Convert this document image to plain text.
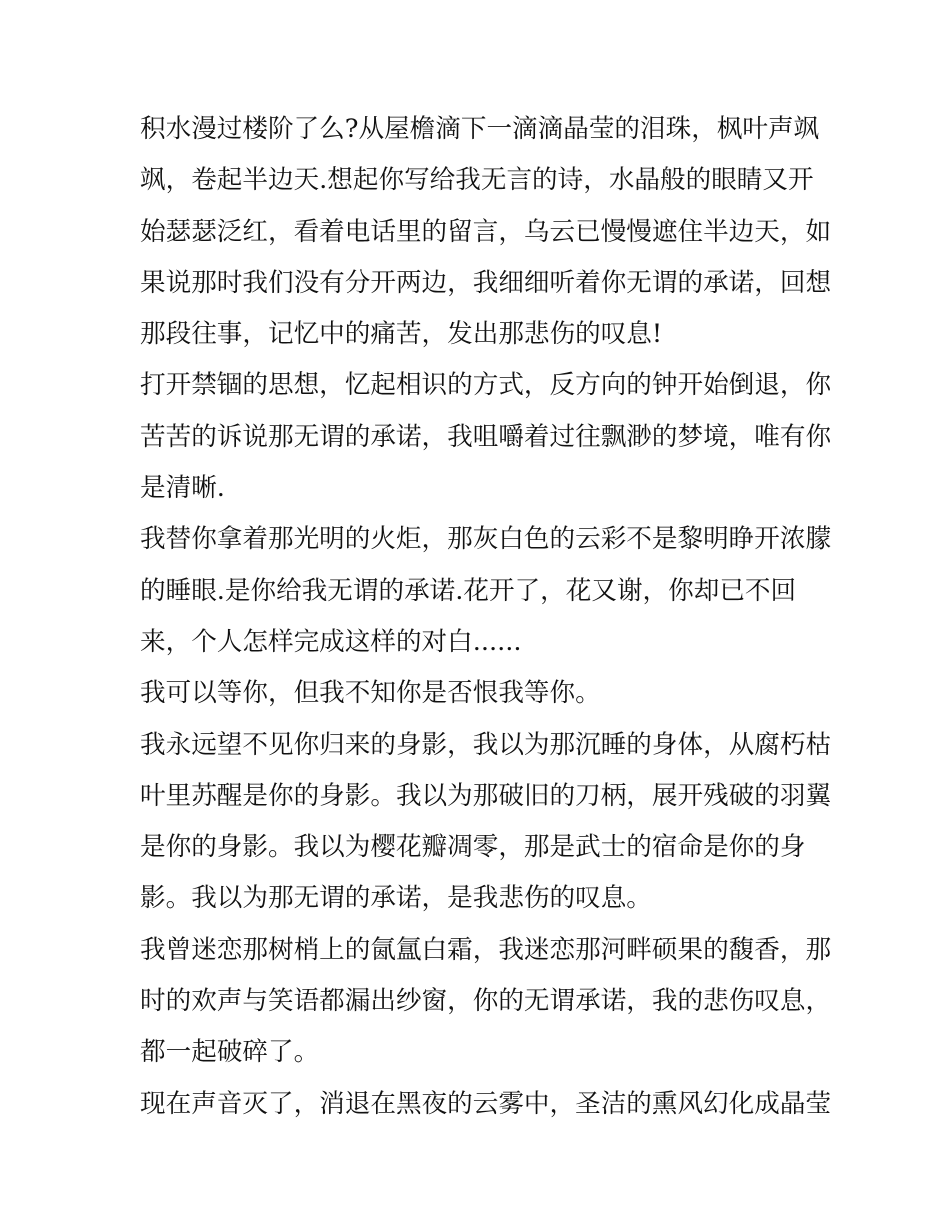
积水漫过楼阶了么?从屋檐滴下一滴滴晶莹的泪珠，枫叶声飒
飒，卷起半边天.想起你写给我无言的诗，水晶般的眼睛又开
始瑟瑟泛红，看着电话里的留言，乌云已慢慢遮住半边天，如
果说那时我们没有分开两边，我细细听着你无谓的承诺，回想
那段往事，记忆中的痛苦，发出那悲伤的叹息!
打开禁锢的思想，忆起相识的方式，反方向的钟开始倒退，你
苦苦的诉说那无谓的承诺，我咀嚼着过往飘渺的梦境，唯有你
是清晰.
我替你拿着那光明的火炬，那灰白色的云彩不是黎明睁开浓朦
的睡眼.是你给我无谓的承诺.花开了，花又谢，你却已不回
来，个人怎样完成这样的对白......
我可以等你，但我不知你是否恨我等你。
我永远望不见你归来的身影，我以为那沉睡的身体，从腐朽枯
叶里苏醒是你的身影。我以为那破旧的刀柄，展开残破的羽翼
是你的身影。我以为樱花瓣凋零，那是武士的宿命是你的身
影。我以为那无谓的承诺，是我悲伤的叹息。
我曾迷恋那树梢上的氤氲白霜，我迷恋那河畔硕果的馥香，那
时的欢声与笑语都漏出纱窗，你的无谓承诺，我的悲伤叹息，
都一起破碎了。
现在声音灭了，消退在黑夜的云雾中，圣洁的熏风幻化成晶莹
